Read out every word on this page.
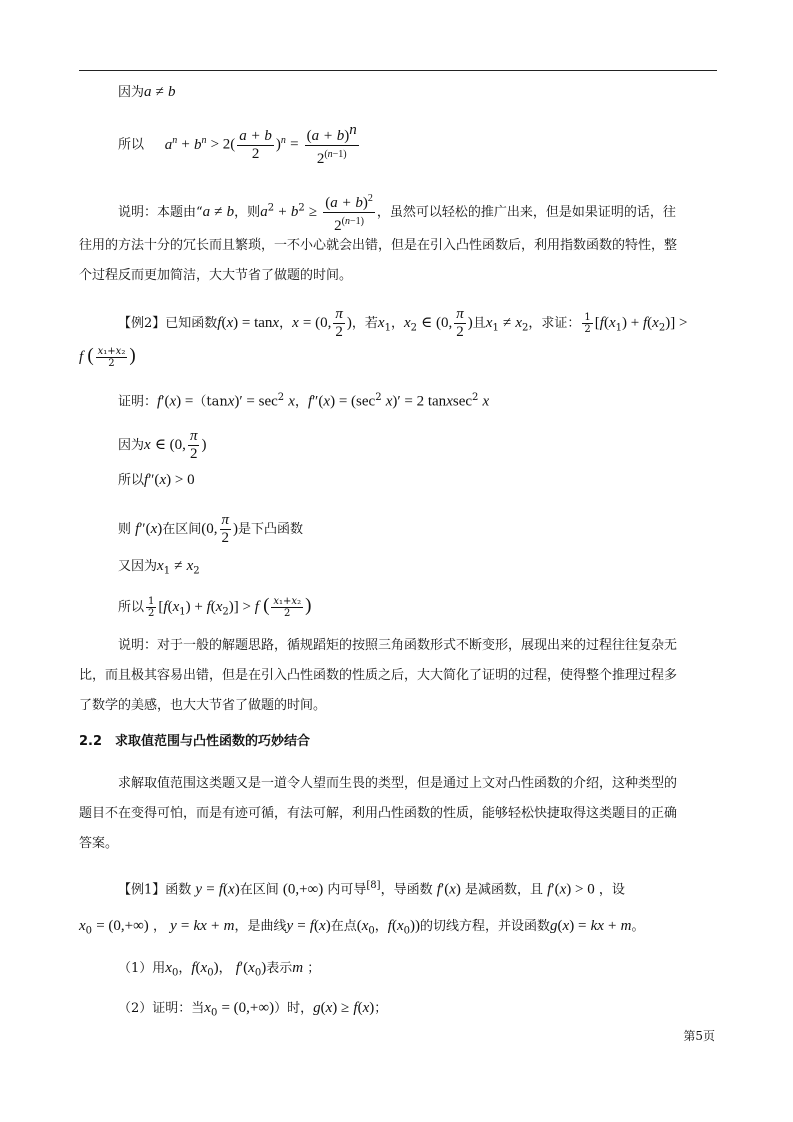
因为a ≠ b
所以 $a^n + b^n > 2( \frac{a + b}{2} )^n = \frac{(a + b)^n}{2^{(n-1)}}$
说明：本题由“a ≠ b，则$a^2 + b^2 \ge \frac{(a + b)^2}{2^{(n-1)}}$ ，虽然可以轻松的推广出来，但是如果证明的话，往
往用的方法十分的冗长而且繁琐，一不小心就会出错，但是在引入凸性函数后，利用指数函数的特性，整
个过程反而更加简洁，大大节省了做题的时间。
【例2】已知函数f(x) = tanx，x = (0, $\frac{\pi}{2}$ )，若$x_1$，$x_2$ ∈ (0, $\frac{\pi}{2}$ )且$x_1 \ne x_2$，求证： $\frac{1}{2} [f(x_1) + f(x_2)]$ >
f ( $\frac{\text{x₁+x₂}}{2}$ )
证明：$f'(x) =(\tan x)' = \sec^2 x$，$f''(x) = (\sec^2$ x)′ = 2 tanxsec$^2$ x
因为x ∈ (0, $\frac{\pi}{2}$ )
所以f″(x) > 0
则 f″(x)在区间(0, $\frac{\pi}{2}$ )是下凸函数
又因为$x_1 \ne x_2$
所以 $\frac{1}{2} [f(x_1) + f(x_2)] > f$ ( $\frac{\text{x₁+x₂}}{2}$ )
说明：对于一般的解题思路，循规蹈矩的按照三角函数形式不断变形，展现出来的过程往往复杂无
比，而且极其容易出错，但是在引入凸性函数的性质之后，大大简化了证明的过程，使得整个推理过程多
了数学的美感，也大大节省了做题的时间。
2.2　求取值范围与凸性函数的巧妙结合
求解取值范围这类题又是一道令人望而生畏的类型，但是通过上文对凸性函数的介绍，这种类型的
题目不在变得可怕，而是有迹可循，有法可解，利用凸性函数的性质，能够轻松快捷取得这类题目的正确
答案。
【例1】函数 y = f(x)在区间 (0,+∞) 内可导[8]，导函数 f′(x) 是减函数，且 f′(x) > 0 ，设
$x_0 = (0,+\infty)$ ， y = kx + m，是曲线y = f(x)在点($x_0$，$f(x_0)$)的切线方程，并设函数g(x) = kx + m。
（1）用$x_0$，$f(x_0)$， $f'(x_0)$表示m ；
（2）证明：当$x_0 = (0,+\infty)$）时，g(x) ≥ f(x)；
第5页
